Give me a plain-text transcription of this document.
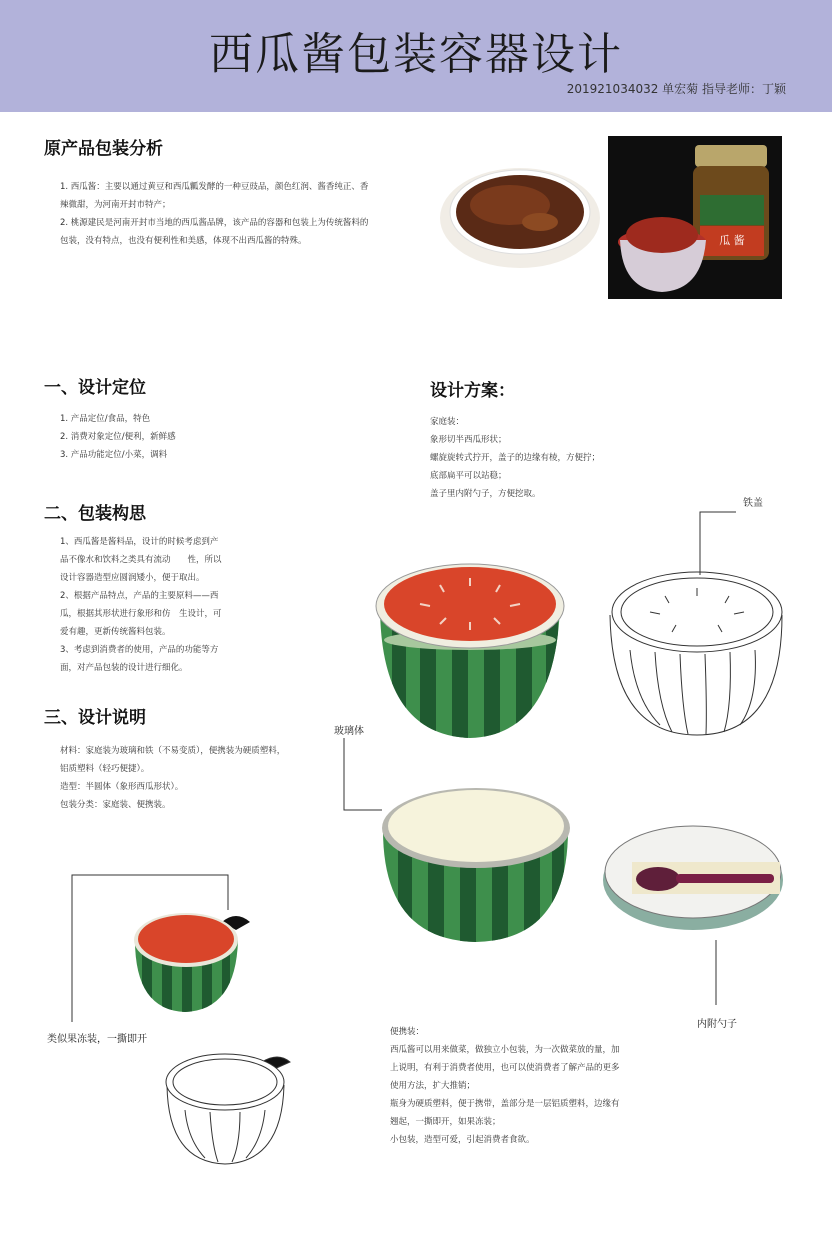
西瓜酱包装容器设计
201921034032 单宏菊 指导老师：丁颖
原产品包装分析
一、设计定位
二、包装构思
三、设计说明
设计方案：
1. 西瓜酱：主要以通过黄豆和西瓜瓤发酵的一种豆豉品，颜色红润、酱香纯正、香
辣微甜，为河南开封市特产；
2. 桃源建民是河南开封市当地的西瓜酱品牌，该产品的容器和包装上为传统酱料的
包装，没有特点，也没有便利性和美感，体现不出西瓜酱的特殊。
1. 产品定位/食品，特色
2. 消费对象定位/便利，新鲜感
3. 产品功能定位/小菜，调料
1、西瓜酱是酱料品，设计的时候考虑到产
品不像水和饮料之类具有流动　　性，所以
设计容器造型应圆润矮小，便于取出。
2、根据产品特点，产品的主要原料——西
瓜，根据其形状进行象形和仿　生设计，可
爱有趣，更新传统酱料包装。
3、考虑到消费者的使用，产品的功能等方
面，对产品包装的设计进行细化。
材料：家庭装为玻璃和铁（不易变质），便携装为硬质塑料，
铝质塑料（轻巧便捷）。
造型：半圆体（象形西瓜形状）。
包装分类：家庭装、便携装。
家庭装：
象形切半西瓜形状；
螺旋旋转式拧开，盖子的边缘有棱，方便拧；
底部扁平可以站稳；
盖子里内附勺子，方便挖取。
便携装：
西瓜酱可以用来做菜，做独立小包装，为一次做菜放的量，加
上说明，有利于消费者使用，也可以使消费者了解产品的更多
使用方法，扩大推销；
瓶身为硬质塑料，便于携带，盖部分是一层铝质塑料，边缘有
翘起，一撕即开，如果冻装；
小包装，造型可爱，引起消费者食欲。
铁盖
玻璃体
内附勺子
类似果冻装，一撕即开
瓜 酱
